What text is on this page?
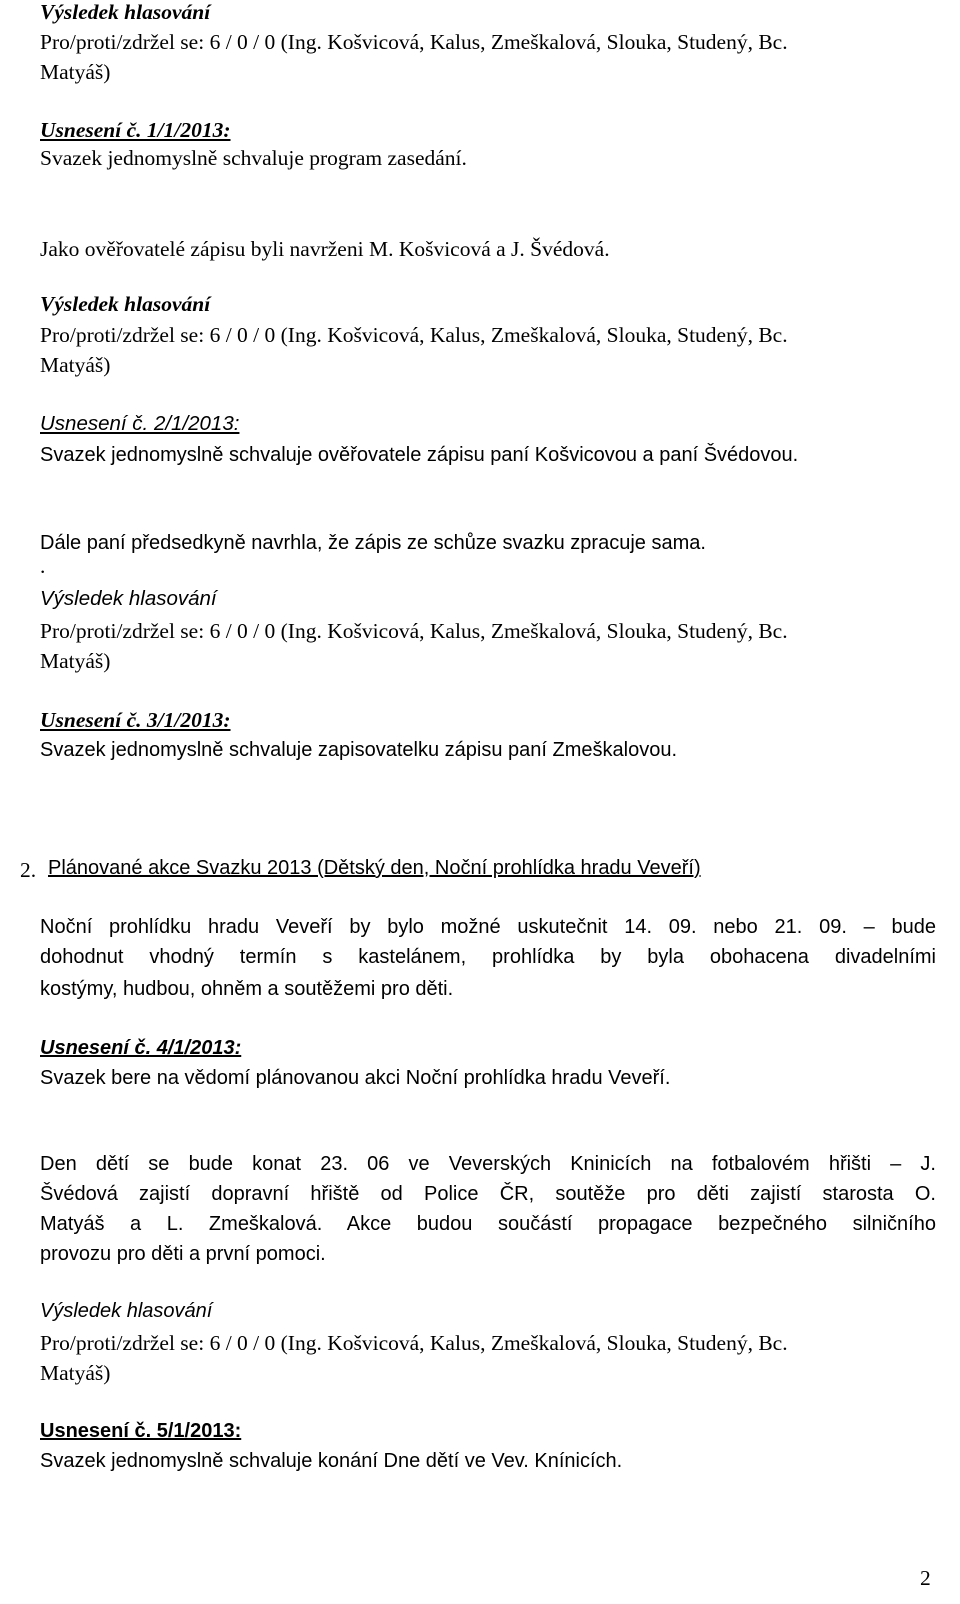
Výsledek hlasování
Pro/proti/zdržel se: 6 / 0 / 0 (Ing. Košvicová, Kalus, Zmeškalová, Slouka, Studený, Bc.
Matyáš)
Usnesení č. 1/1/2013:
Svazek jednomyslně schvaluje program zasedání.
Jako ověřovatelé zápisu byli navrženi M. Košvicová a J. Švédová.
Výsledek hlasování
Pro/proti/zdržel se: 6 / 0 / 0 (Ing. Košvicová, Kalus, Zmeškalová, Slouka, Studený, Bc.
Matyáš)
Usnesení č. 2/1/2013:
Svazek jednomyslně schvaluje ověřovatele zápisu paní Košvicovou a paní Švédovou.
Dále paní předsedkyně navrhla, že zápis ze schůze svazku zpracuje sama.
.
Výsledek hlasování
Pro/proti/zdržel se: 6 / 0 / 0 (Ing. Košvicová, Kalus, Zmeškalová, Slouka, Studený, Bc.
Matyáš)
Usnesení č. 3/1/2013:
Svazek jednomyslně schvaluje zapisovatelku zápisu paní Zmeškalovou.
2. Plánované akce Svazku 2013 (Dětský den, Noční prohlídka hradu Veveří)
Noční prohlídku hradu Veveří by bylo možné uskutečnit 14. 09. nebo 21. 09. – bude
dohodnut vhodný termín s kastelánem, prohlídka by byla obohacena divadelními
kostýmy, hudbou, ohněm a soutěžemi pro děti.
Usnesení č. 4/1/2013:
Svazek bere na vědomí plánovanou akci Noční prohlídka hradu Veveří.
Den dětí se bude konat 23. 06 ve Veverských Kninicích na fotbalovém hřišti – J.
Švédová zajistí dopravní hřiště od Police ČR, soutěže pro děti zajistí starosta O.
Matyáš a L. Zmeškalová. Akce budou součástí propagace bezpečného silničního
provozu pro děti a první pomoci.
Výsledek hlasování
Pro/proti/zdržel se: 6 / 0 / 0 (Ing. Košvicová, Kalus, Zmeškalová, Slouka, Studený, Bc.
Matyáš)
Usnesení č. 5/1/2013:
Svazek jednomyslně schvaluje konání Dne dětí ve Vev. Knínicích.
2
